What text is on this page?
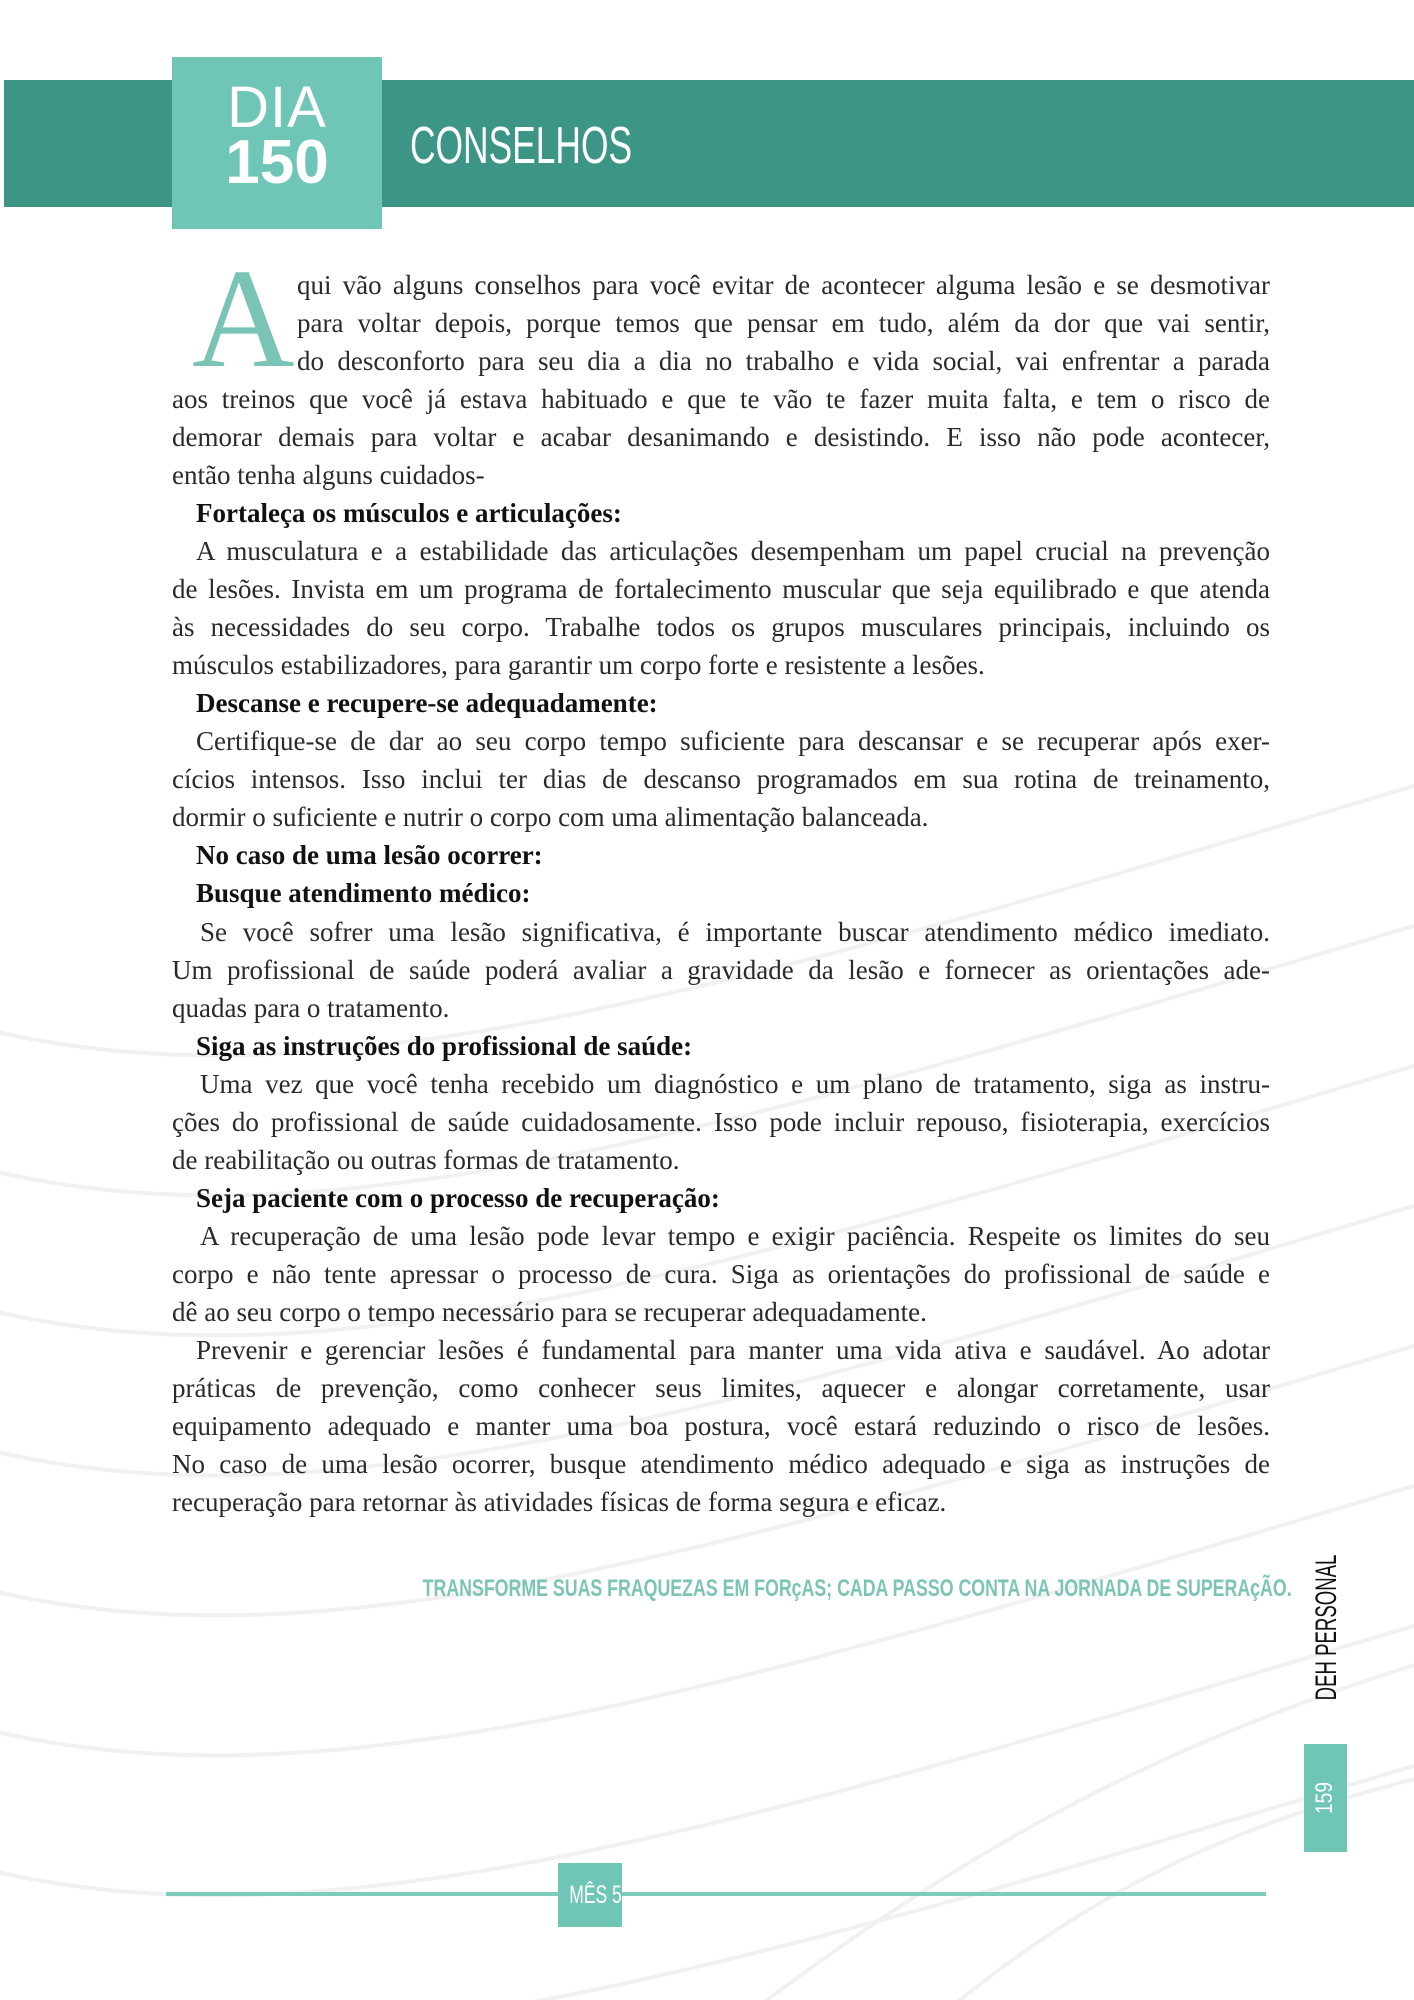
DIA
150	CONSELHOS
A qui vão alguns conselhos para você evitar de acontecer alguma lesão e se desmotivar
para voltar depois, porque temos que pensar em tudo, além da dor que vai sentir,
do desconforto para seu dia a dia no trabalho e vida social, vai enfrentar a parada
aos treinos que você já estava habituado e que te vão te fazer muita falta, e tem o risco de
demorar demais para voltar e acabar desanimando e desistindo. E isso não pode acontecer,
então tenha alguns cuidados-
Fortaleça os músculos e articulações:
A musculatura e a estabilidade das articulações desempenham um papel crucial na prevenção
de lesões. Invista em um programa de fortalecimento muscular que seja equilibrado e que atenda
às necessidades do seu corpo. Trabalhe todos os grupos musculares principais, incluindo os
músculos estabilizadores, para garantir um corpo forte e resistente a lesões.
Descanse e recupere-se adequadamente:
Certifique-se de dar ao seu corpo tempo suficiente para descansar e se recuperar após exer-
cícios intensos. Isso inclui ter dias de descanso programados em sua rotina de treinamento,
dormir o suficiente e nutrir o corpo com uma alimentação balanceada.
No caso de uma lesão ocorrer:
Busque atendimento médico:
Se você sofrer uma lesão significativa, é importante buscar atendimento médico imediato.
Um profissional de saúde poderá avaliar a gravidade da lesão e fornecer as orientações ade-
quadas para o tratamento.
Siga as instruções do profissional de saúde:
Uma vez que você tenha recebido um diagnóstico e um plano de tratamento, siga as instru-
ções do profissional de saúde cuidadosamente. Isso pode incluir repouso, fisioterapia, exercícios
de reabilitação ou outras formas de tratamento.
Seja paciente com o processo de recuperação:
A recuperação de uma lesão pode levar tempo e exigir paciência. Respeite os limites do seu
corpo e não tente apressar o processo de cura. Siga as orientações do profissional de saúde e
dê ao seu corpo o tempo necessário para se recuperar adequadamente.
Prevenir e gerenciar lesões é fundamental para manter uma vida ativa e saudável. Ao adotar
práticas de prevenção, como conhecer seus limites, aquecer e alongar corretamente, usar
equipamento adequado e manter uma boa postura, você estará reduzindo o risco de lesões.
No caso de uma lesão ocorrer, busque atendimento médico adequado e siga as instruções de
recuperação para retornar às atividades físicas de forma segura e eficaz.
TRANSFORME SUAS FRAQUEZAS EM FORçAS; CADA PASSO CONTA NA JORNADA DE SUPERAçÃO. DEH PERSONAL
159
MÊS 5
